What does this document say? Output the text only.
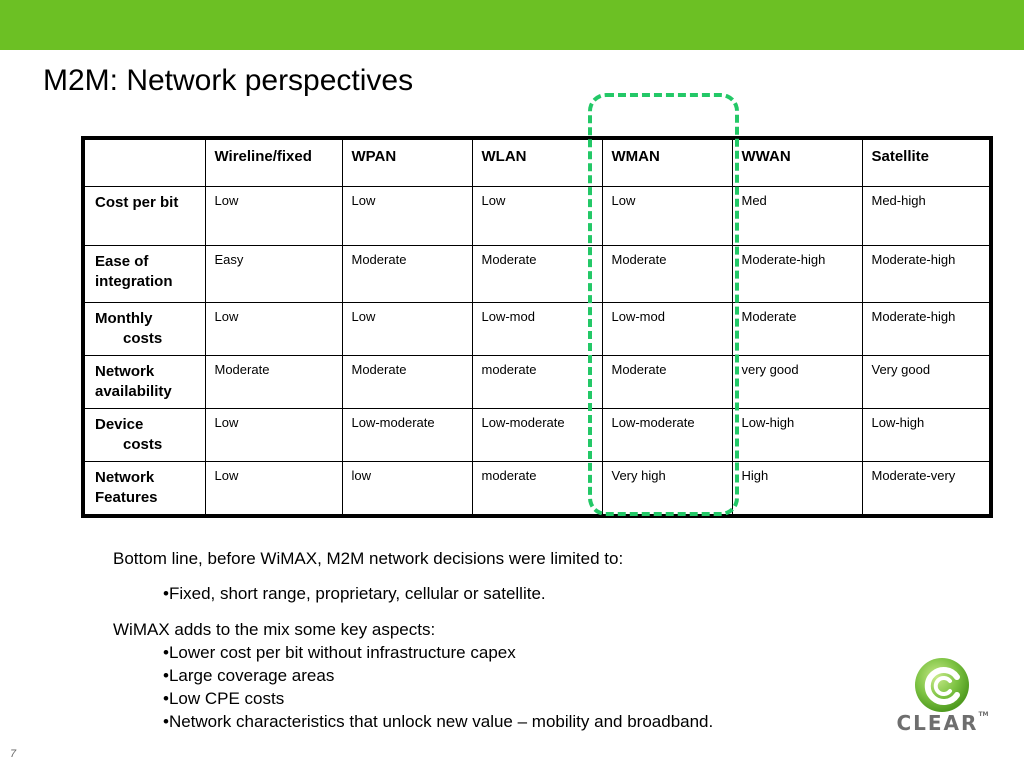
M2M: Network perspectives
	Wireline/fixed	WPAN	WLAN	WMAN	WWAN	Satellite
Cost per bit	Low	Low	Low	Low	Med	Med-high
Ease of
integration	Easy	Moderate	Moderate	Moderate	Moderate-high	Moderate-high
Monthly
costs	Low	Low	Low-mod	Low-mod	Moderate	Moderate-high
Network
availability	Moderate	Moderate	moderate	Moderate	very good	Very good
Device
costs	Low	Low-moderate	Low-moderate	Low-moderate	Low-high	Low-high
Network
Features	Low	low	moderate	Very high	High	Moderate-very

Bottom line, before WiMAX, M2M network decisions were limited to:

•Fixed, short range, proprietary, cellular or satellite.

WiMAX adds to the mix some key aspects:

•Lower cost per bit without infrastructure capex

•Large coverage areas

•Low CPE costs

•Network characteristics that unlock new value – mobility and broadband.

7
CLEAR™
